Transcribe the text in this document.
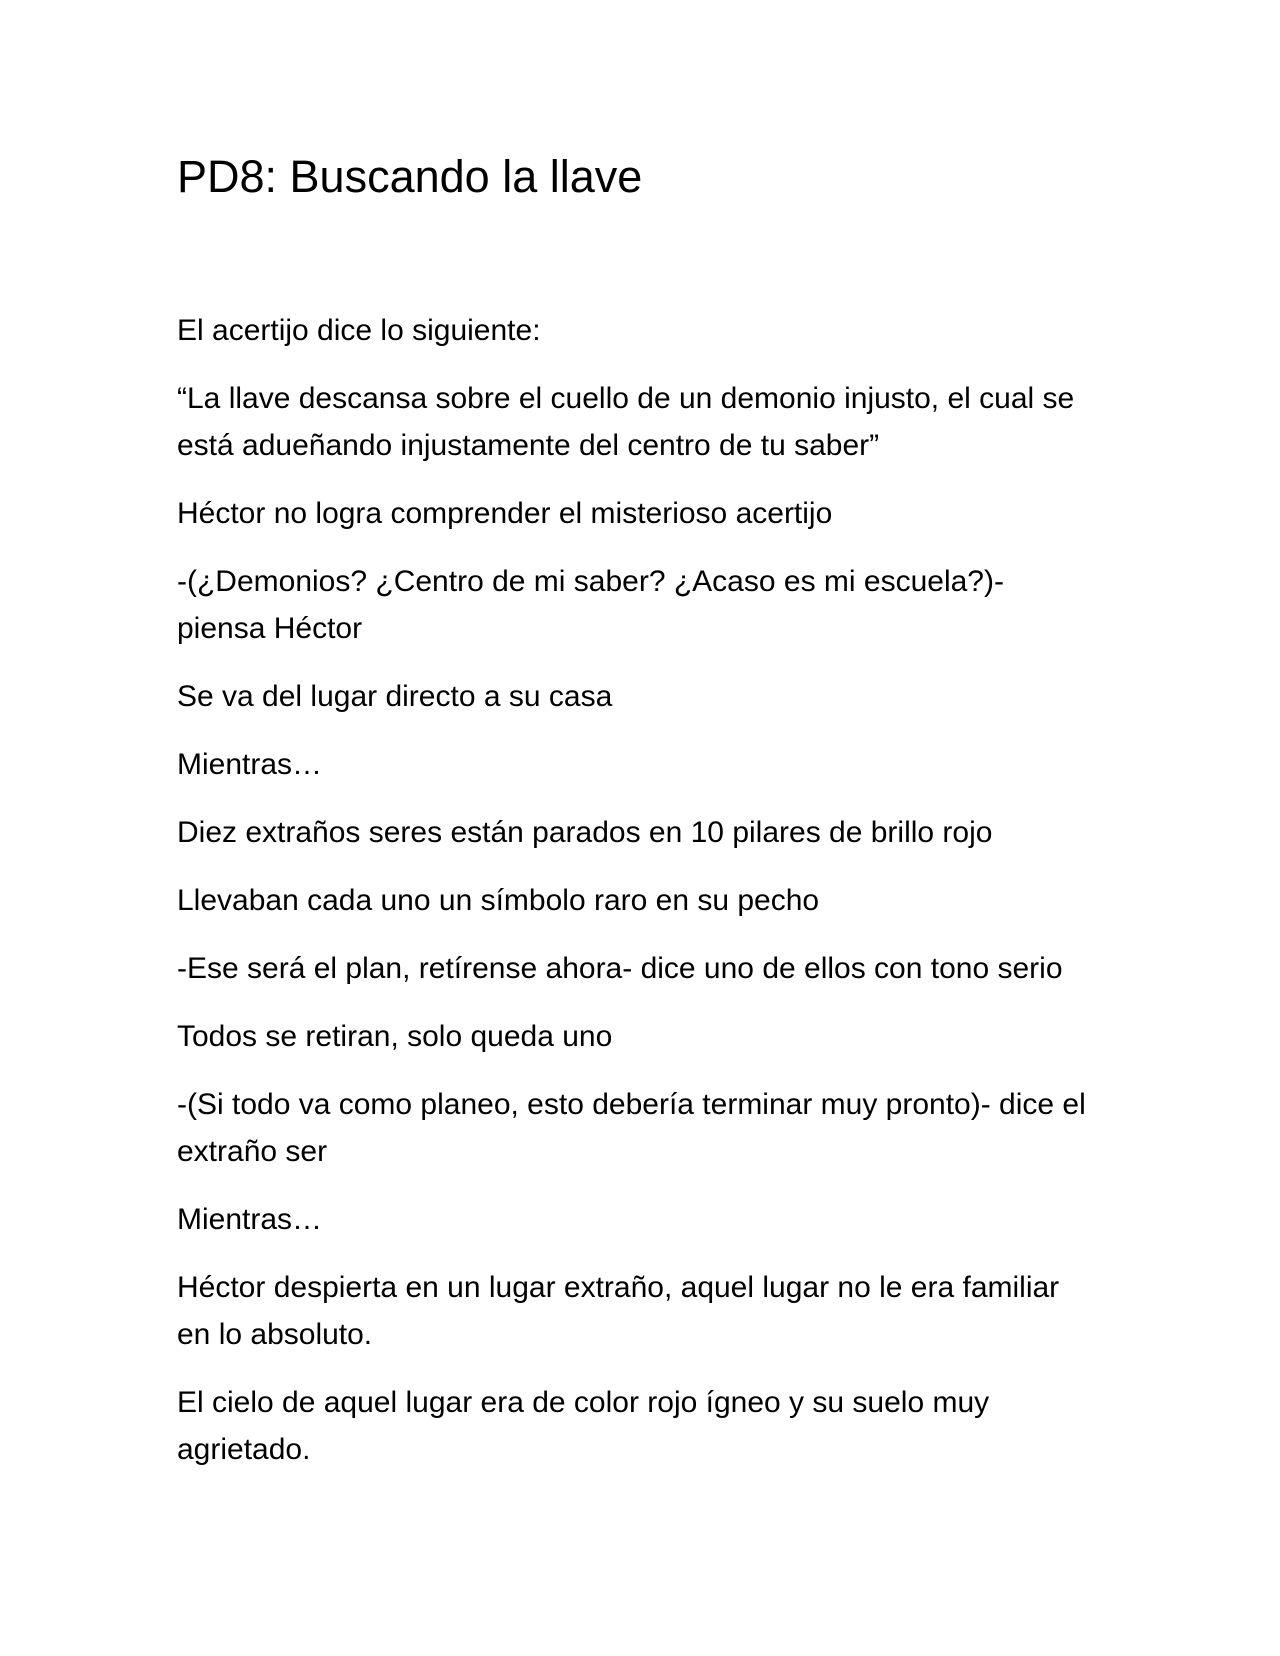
PD8: Buscando la llave

El acertijo dice lo siguiente:

“La llave descansa sobre el cuello de un demonio injusto, el cual se está adueñando injustamente del centro de tu saber”

Héctor no logra comprender el misterioso acertijo

-(¿Demonios? ¿Centro de mi saber? ¿Acaso es mi escuela?)- piensa Héctor

Se va del lugar directo a su casa

Mientras…

Diez extraños seres están parados en 10 pilares de brillo rojo

Llevaban cada uno un símbolo raro en su pecho

-Ese será el plan, retírense ahora- dice uno de ellos con tono serio

Todos se retiran, solo queda uno

-(Si todo va como planeo, esto debería terminar muy pronto)- dice el extraño ser

Mientras…

Héctor despierta en un lugar extraño, aquel lugar no le era familiar en lo absoluto.

El cielo de aquel lugar era de color rojo ígneo y su suelo muy agrietado.
